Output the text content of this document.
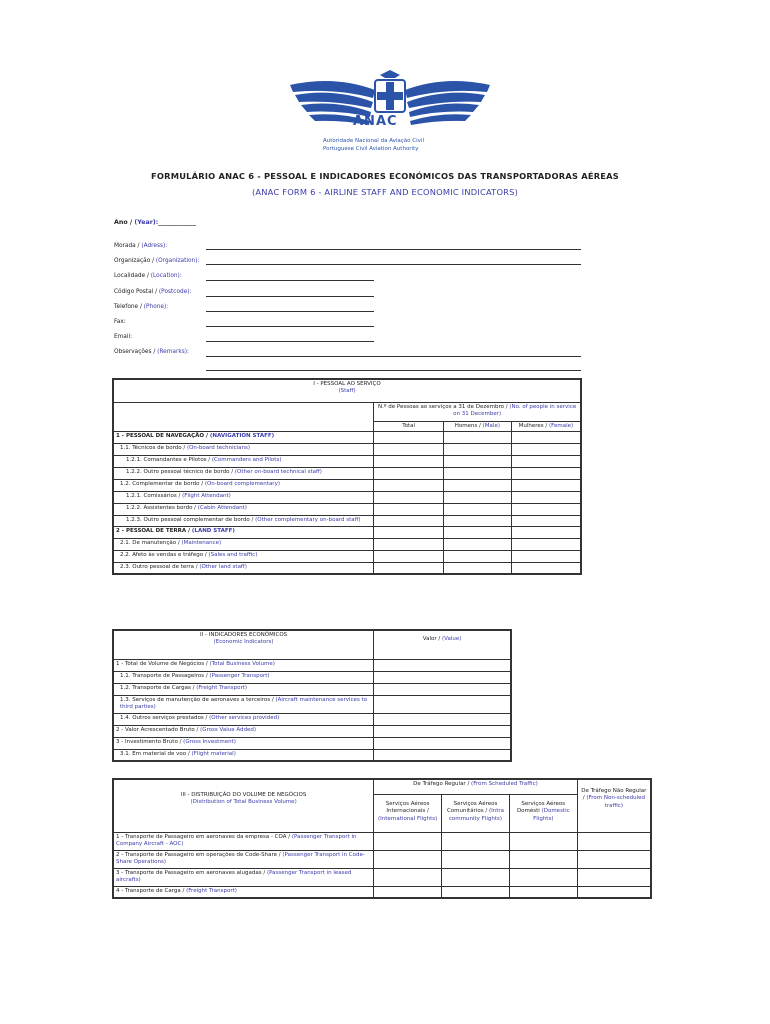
ANAC
Autoridade Nacional da Aviação Civil
Portuguese Civil Aviation Authority
FORMULÁRIO ANAC 6 - PESSOAL E INDICADORES ECONÓMICOS DAS TRANSPORTADORAS AÉREAS
(ANAC FORM 6 - AIRLINE STAFF AND ECONOMIC INDICATORS)
Ano / (Year):____________
Morada / (Adress):
Organização / (Organization):
Localidade / (Location):
Código Postal / (Postcode):
Telefone / (Phone):
Fax:
Email:
Observações / (Remarks):
I - PESSOAL AO SERVIÇO
(Staff)			

	N.º de Pessoas ao serviços a 31 de Dezembro / (No. of people in service on 31 December)		
	Total	Homens / (Male)	Mulheres / (Female)
1 - PESSOAL DE NAVEGAÇÃO / (NAVIGATION STAFF)			
1.1. Técnicos de bordo / (On-board technicians)			
1.2.1. Comandantes e Pilotos / (Commanders and Pilots)			
1.2.2. Outro pessoal técnico de bordo / (Other on-board technical staff)			
1.2. Complementar de bordo / (On-board complementary)			
1.2.1. Comissários / (Flight Attendant)			
1.2.2. Assistentes bordo / (Cabin Attendant)			
1.2.3. Outro pessoal complementar de bordo / (Other complementary on-board staff)			
2 - PESSOAL DE TERRA / (LAND STAFF)			
2.1. De manutenção / (Maintenance)			
2.2. Afeto às vendas e tráfego / (Sales and traffic)			
2.3. Outro pessoal de terra / (Other land staff)			
II - INDICADORES ECONÓMICOS
(Economic Indicators)	Valor / (Value)

1 - Total de Volume de Negócios / (Total Business Volume)	
1.1. Transporte de Passageiros / (Passenger Transport)	
1.2. Transporte de Cargas / (Freight Transport)	
1.3. Serviços de manutenção de aeronaves a terceiros / (Aircraft maintenance services to third parties)	
1.4. Outros serviços prestados / (Other services provided)	
2 - Valor Acrescentado Bruto / (Gross Value Added)	
3 - Investimento Bruto / (Gross Investment)	
3.1. Em material de voo / (Flight material)	
III - DISTRIBUIÇÃO DO VOLUME DE NEGÓCIOS
(Distribution of Total Business Volume)	De Tráfego Regular / (From Scheduled Traffic)			De Tráfego Não Regular / (From Non-scheduled traffic)
	Serviços Aéreos Internacionais / (International Flights)	Serviços Aéreos Comunitários / (Intra community Flights)	Serviços Aéreos Domésti (Domestic Flights)	
1 - Transporte de Passageiro em aeronaves da empresa - COA / (Passenger Transport in Company Aircraft - AOC)				
2 - Transporte de Passageiro em operações de Code-Share / (Passenger Transport in Code-Share Operations)				
3 - Transporte de Passageiro em aeronaves alugadas / (Passenger Transport in leased aircrafts)				
4 - Transporte de Carga / (Freight Transport)				
